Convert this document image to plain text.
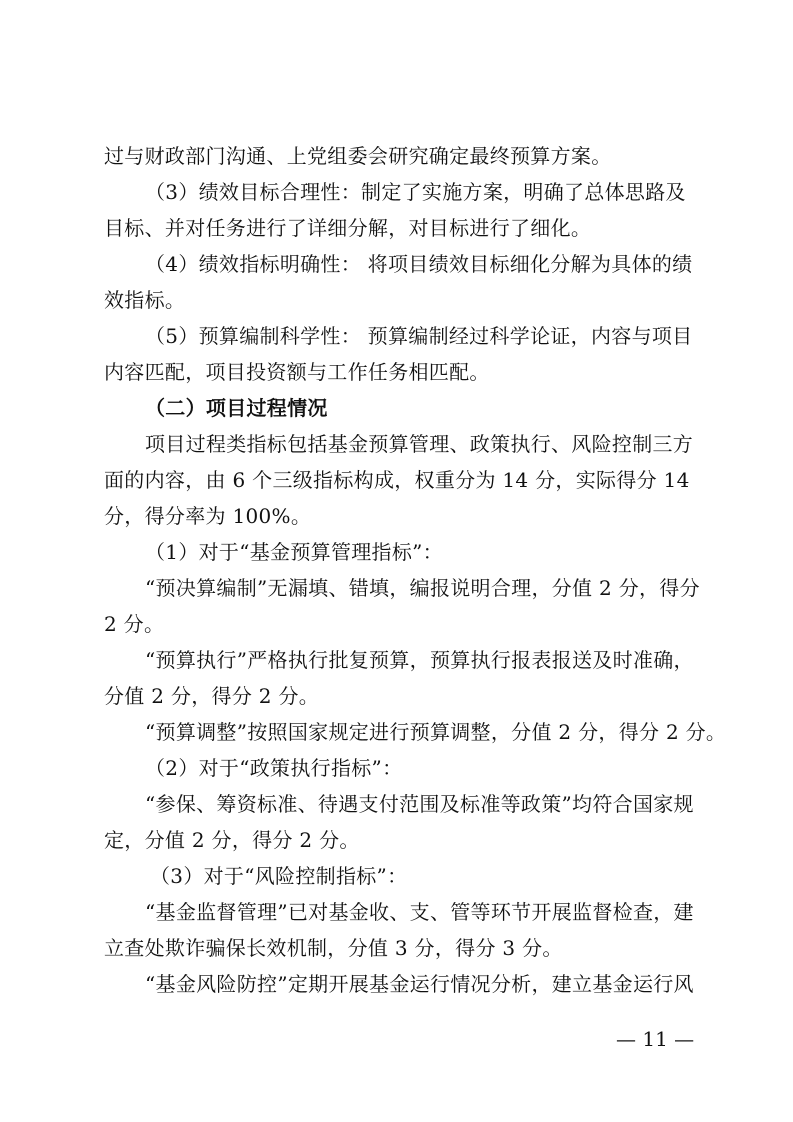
过与财政部门沟通、上党组委会研究确定最终预算方案。
（3）绩效目标合理性：制定了实施方案，明确了总体思路及
目标、并对任务进行了详细分解，对目标进行了细化。
（4）绩效指标明确性： 将项目绩效目标细化分解为具体的绩
效指标。
（5）预算编制科学性： 预算编制经过科学论证，内容与项目
内容匹配，项目投资额与工作任务相匹配。
（二）项目过程情况
项目过程类指标包括基金预算管理、政策执行、风险控制三方
面的内容，由 6 个三级指标构成，权重分为 14 分，实际得分 14
分，得分率为 100%。
（1）对于“基金预算管理指标”：
“预决算编制”无漏填、错填，编报说明合理，分值 2 分，得分
2 分。
“预算执行”严格执行批复预算，预算执行报表报送及时准确，
分值 2 分，得分 2 分。
“预算调整”按照国家规定进行预算调整，分值 2 分，得分 2 分。
（2）对于“政策执行指标”：
“参保、筹资标准、待遇支付范围及标准等政策”均符合国家规
定，分值 2 分，得分 2 分。
（3）对于“风险控制指标”：
“基金监督管理”已对基金收、支、管等环节开展监督检查，建
立查处欺诈骗保长效机制，分值 3 分，得分 3 分。
“基金风险防控”定期开展基金运行情况分析，建立基金运行风
— 11 —
